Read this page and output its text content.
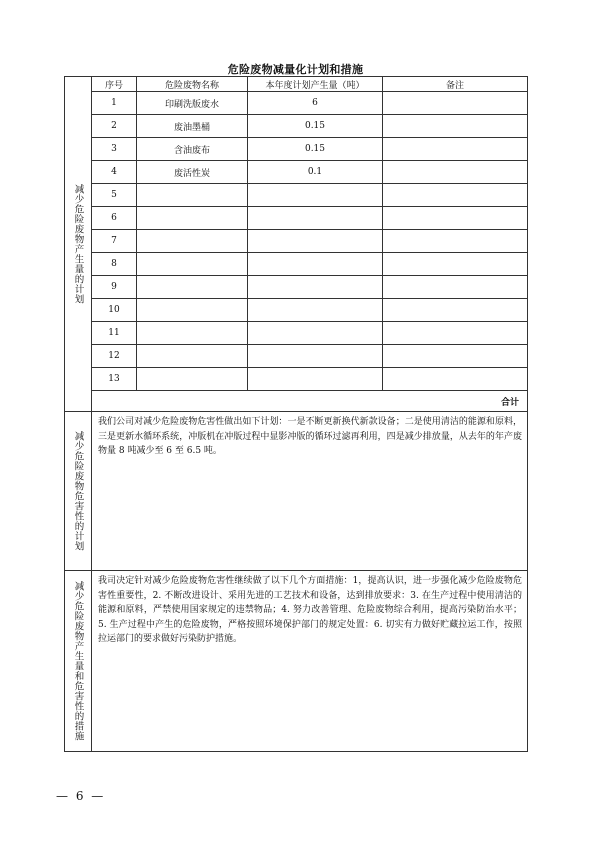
危险废物减量化计划和措施
减少危险废物产生量的计划	序号	危险废物名称	本年度计划产生量（吨）	备注
	1	印刷洗版废水	6	
	2	废油墨桶	0.15	
	3	含油废布	0.15	
	4	废活性炭	0.1	
	5			
	6			
	7			
	8			
	9			
	10			
	11			
	12			
	13			
	合计			

减少危险废物危害性的计划	我们公司对减少危险废物危害性做出如下计划：一是不断更新换代新款设备；二是使用清洁的能源和原料，三是更新水循环系统，冲版机在冲版过程中显影冲版的循环过滤再利用，四是减少排放量，从去年的年产废物量 8 吨减少至 6 至 6.5 吨。			

减少危险废物产生量和危害性的措施	我司决定针对减少危险废物危害性继续做了以下几个方面措施：1，提高认识，进一步强化减少危险废物危害性重要性，2. 不断改进设计、采用先进的工艺技术和设备，达到排放要求：3. 在生产过程中使用清洁的能源和原料，严禁使用国家规定的违禁物品；4. 努力改善管理、危险废物综合利用，提高污染防治水平；5. 生产过程中产生的危险废物，严格按照环境保护部门的规定处置：6. 切实有力做好贮藏拉运工作，按照拉运部门的要求做好污染防护措施。			
— 6 —
